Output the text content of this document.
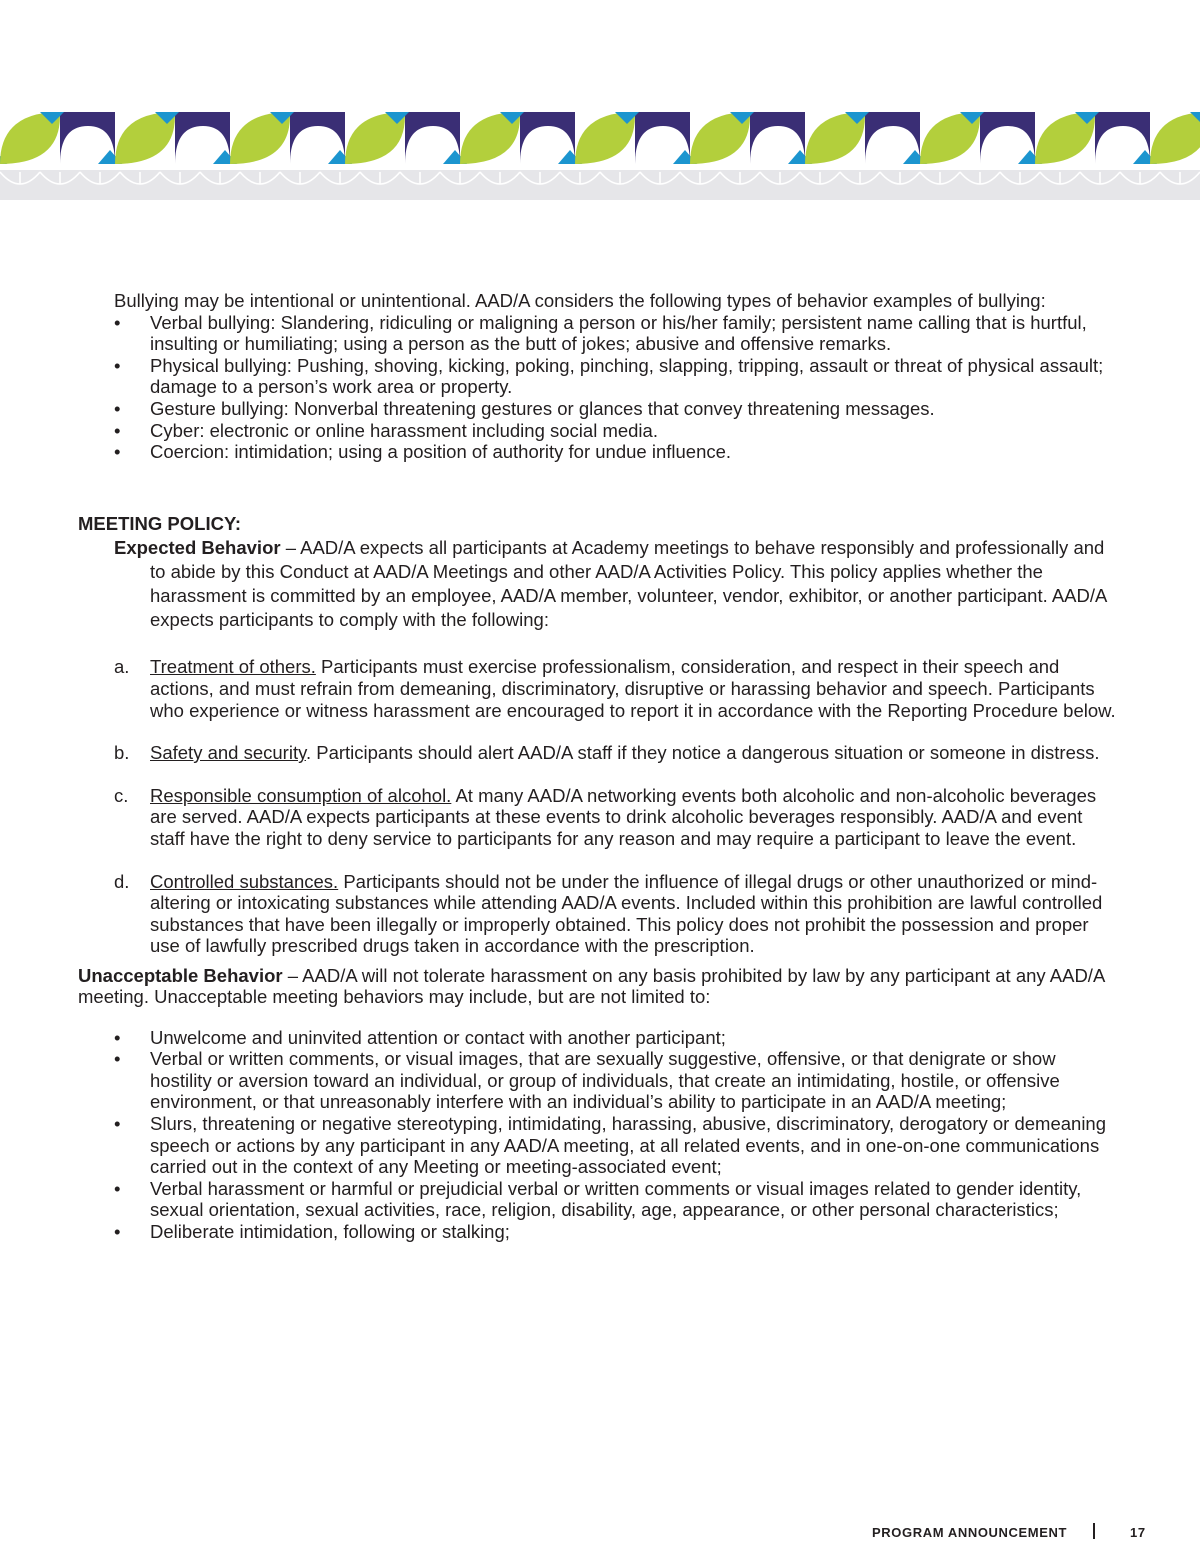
Bullying may be intentional or unintentional. AAD/A considers the following types of behavior examples of bullying:

• Verbal bullying: Slandering, ridiculing or maligning a person or his/her family; persistent name calling that is hurtful, insulting or humiliating; using a person as the butt of jokes; abusive and offensive remarks.
• Physical bullying: Pushing, shoving, kicking, poking, pinching, slapping, tripping, assault or threat of physical assault; damage to a person’s work area or property.
• Gesture bullying: Nonverbal threatening gestures or glances that convey threatening messages.
• Cyber: electronic or online harassment including social media.
• Coercion: intimidation; using a position of authority for undue influence.
MEETING POLICY:

Expected Behavior – AAD/A expects all participants at Academy meetings to behave responsibly and professionally and to abide by this Conduct at AAD/A Meetings and other AAD/A Activities Policy. This policy applies whether the harassment is committed by an employee, AAD/A member, volunteer, vendor, exhibitor, or another participant. AAD/A expects participants to comply with the following:

a. Treatment of others. Participants must exercise professionalism, consideration, and respect in their speech and actions, and must refrain from demeaning, discriminatory, disruptive or harassing behavior and speech. Participants who experience or witness harassment are encouraged to report it in accordance with the Reporting Procedure below.
b. Safety and security. Participants should alert AAD/A staff if they notice a dangerous situation or someone in distress.
c. Responsible consumption of alcohol. At many AAD/A networking events both alcoholic and non-alcoholic beverages are served. AAD/A expects participants at these events to drink alcoholic beverages responsibly. AAD/A and event staff have the right to deny service to participants for any reason and may require a participant to leave the event.
d. Controlled substances. Participants should not be under the influence of illegal drugs or other unauthorized or mind-altering or intoxicating substances while attending AAD/A events. Included within this prohibition are lawful controlled substances that have been illegally or improperly obtained. This policy does not prohibit the possession and proper use of lawfully prescribed drugs taken in accordance with the prescription.

Unacceptable Behavior – AAD/A will not tolerate harassment on any basis prohibited by law by any participant at any AAD/A meeting. Unacceptable meeting behaviors may include, but are not limited to:

• Unwelcome and uninvited attention or contact with another participant;
• Verbal or written comments, or visual images, that are sexually suggestive, offensive, or that denigrate or show hostility or aversion toward an individual, or group of individuals, that create an intimidating, hostile, or offensive environment, or that unreasonably interfere with an individual’s ability to participate in an AAD/A meeting;
• Slurs, threatening or negative stereotyping, intimidating, harassing, abusive, discriminatory, derogatory or demeaning speech or actions by any participant in any AAD/A meeting, at all related events, and in one-on-one communications carried out in the context of any Meeting or meeting-associated event;
• Verbal harassment or harmful or prejudicial verbal or written comments or visual images related to gender identity, sexual orientation, sexual activities, race, religion, disability, age, appearance, or other personal characteristics;
• Deliberate intimidation, following or stalking;
PROGRAM ANNOUNCEMENT	17
